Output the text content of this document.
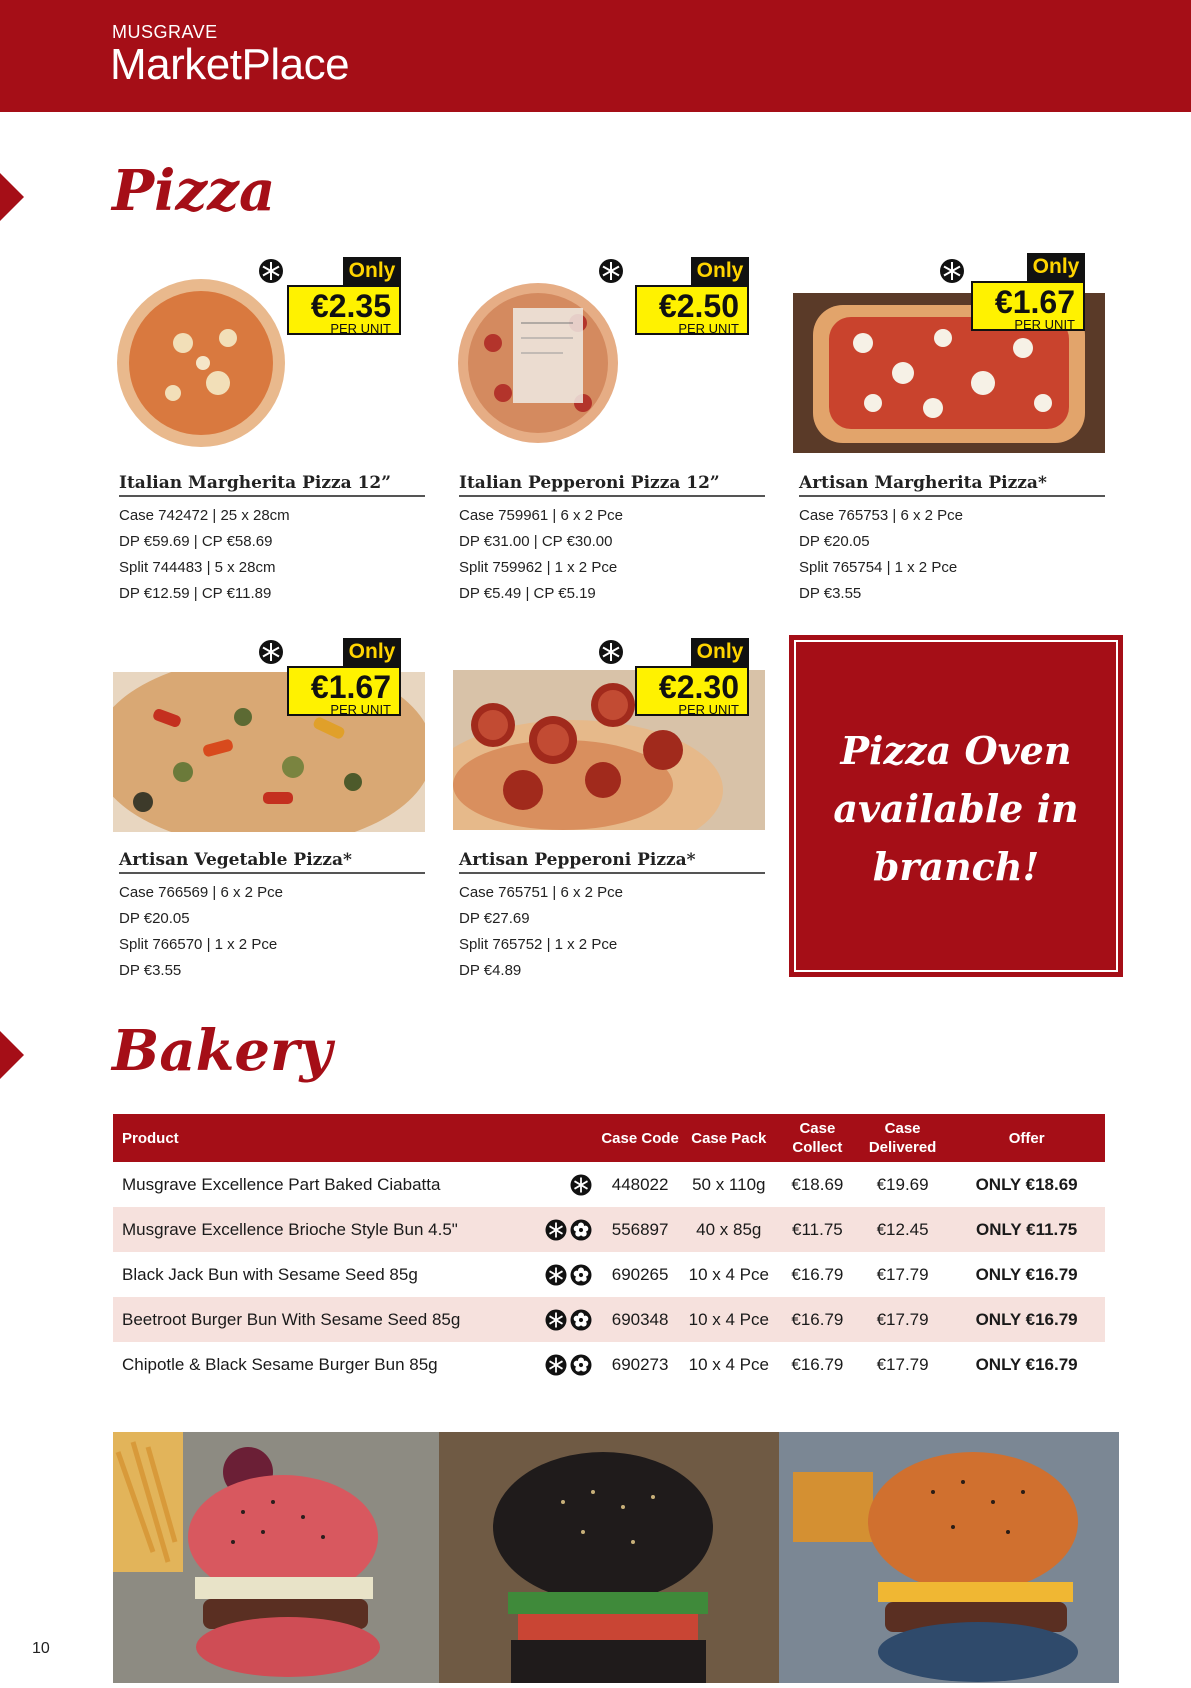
MUSGRAVE
MarketPlace
Pizza
Only
€2.35
PER UNIT
Italian Margherita Pizza 12”
Case 742472 | 25 x 28cm
DP €59.69 | CP €58.69
Split 744483 | 5 x 28cm
DP €12.59 | CP €11.89
Only
€2.50
PER UNIT
Italian Pepperoni Pizza 12”
Case 759961 | 6 x 2 Pce
DP €31.00 | CP €30.00
Split 759962 | 1 x 2 Pce
DP €5.49 | CP €5.19
Only
€1.67
PER UNIT
Artisan Margherita Pizza*
Case 765753 | 6 x 2 Pce
DP €20.05
Split 765754 | 1 x 2 Pce
DP €3.55
Only
€1.67
PER UNIT
Artisan Vegetable Pizza*
Case 766569 | 6 x 2 Pce
DP €20.05
Split 766570 | 1 x 2 Pce
DP €3.55
Only
€2.30
PER UNIT
Artisan Pepperoni Pizza*
Case 765751 | 6 x 2 Pce
DP €27.69
Split 765752 | 1 x 2 Pce
DP €4.89
Pizza Oven
available in
branch!
Bakery
Product		Case Code	Case Pack	Case Collect	Case Delivered	Offer
Musgrave Excellence Part Baked Ciabatta		448022	50 x 110g	€18.69	€19.69	ONLY €18.69
Musgrave Excellence Brioche Style Bun 4.5"		556897	40 x 85g	€11.75	€12.45	ONLY €11.75
Black Jack Bun with Sesame Seed 85g		690265	10 x 4 Pce	€16.79	€17.79	ONLY €16.79
Beetroot Burger Bun With Sesame Seed 85g		690348	10 x 4 Pce	€16.79	€17.79	ONLY €16.79
Chipotle & Black Sesame Burger Bun 85g		690273	10 x 4 Pce	€16.79	€17.79	ONLY €16.79
10
